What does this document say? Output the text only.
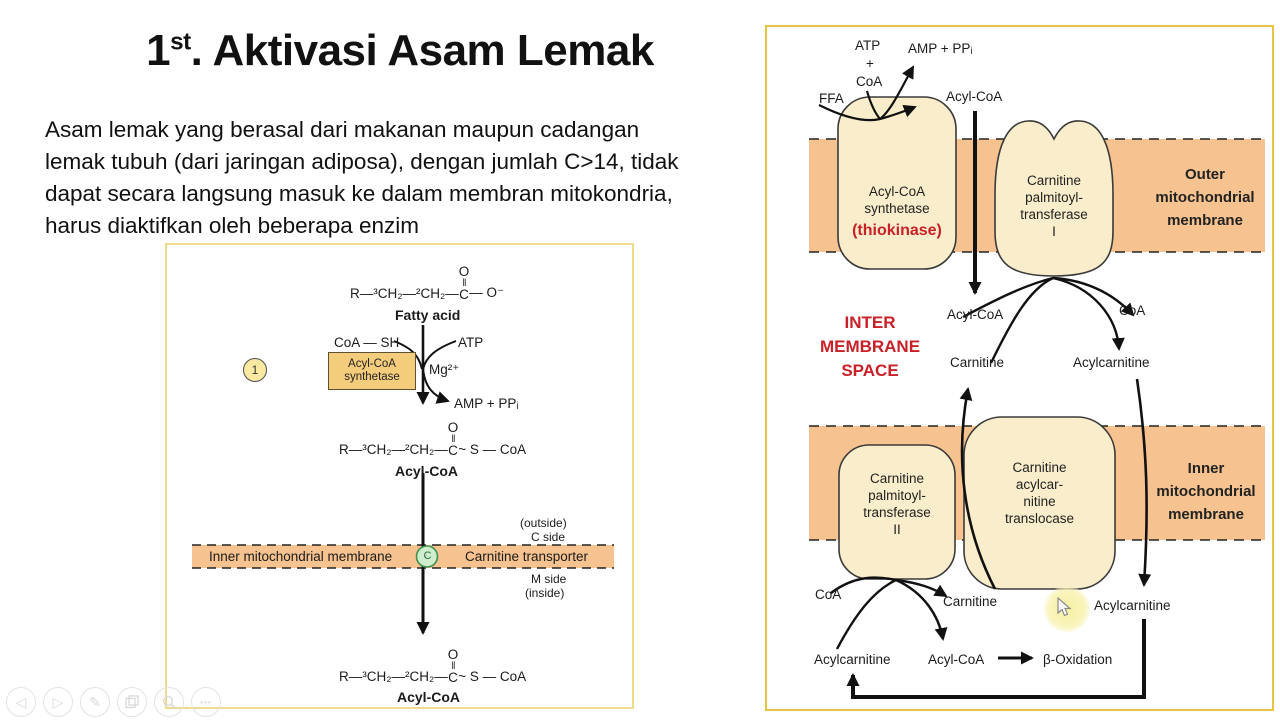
1st. Aktivasi Asam Lemak
Asam lemak yang berasal dari makanan maupun cadangan
lemak tubuh (dari jaringan adiposa), dengan jumlah C>14, tidak
dapat secara langsung masuk ke dalam membran mitokondria,
harus diaktifkan oleh beberapa enzim
R—³CH₂—²CH₂—
O
‖
C — O⁻
Fatty acid
CoA — SH	ATP
Acyl-CoA
synthetase Mg²⁺
1
AMP + PPᵢ
R—³CH₂—²CH₂—
O
‖
C ~ S — CoA
Acyl-CoA
(outside)
C side
Inner mitochondrial membrane	C Carnitine transporter
M side
(inside)
R—³CH₂—²CH₂—
O
‖
C ~ S — CoA
Acyl-CoA
ATP
+
CoA
AMP + PPᵢ
FFA	Acyl-CoA
Acyl-CoA
synthetase
(thiokinase)
Carnitine
palmitoyl-
transferase
I
Outer
mitochondrial
membrane
INTER
MEMBRANE
SPACE
Acyl-CoA	CoA
Carnitine	Acylcarnitine
Carnitine
palmitoyl-
transferase
II
Carnitine
acylcar-
nitine
translocase
Inner
mitochondrial
membrane
CoA	Carnitine	Acylcarnitine
Acylcarnitine	Acyl-CoA	β-Oxidation
◁ ▷ ✎	•••
